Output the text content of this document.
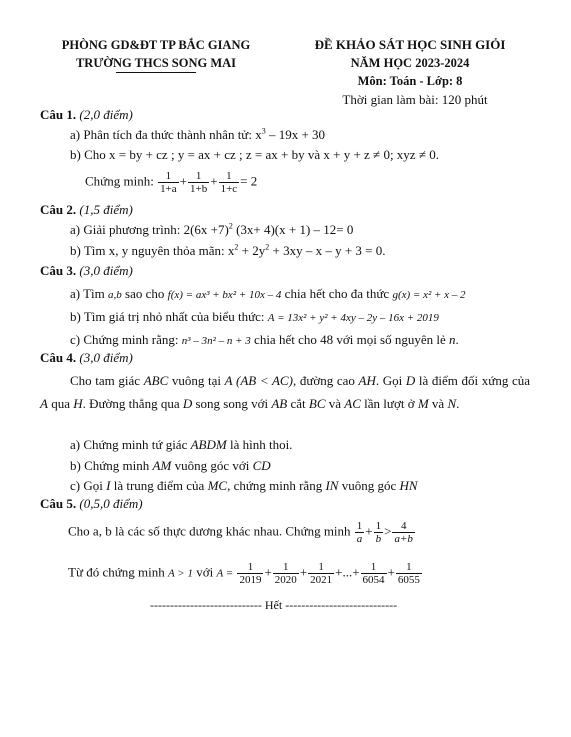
PHÒNG GD&ĐT TP BẮC GIANG
TRƯỜNG THCS SONG MAI
ĐỀ KHẢO SÁT HỌC SINH GIỎI
NĂM HỌC 2023-2024
Môn: Toán - Lớp: 8
Thời gian làm bài: 120 phút
Câu 1. (2,0 điểm)
a) Phân tích đa thức thành nhân tử: $x^3 - 19x + 30$
b) Cho x = by + cz ; y = ax + cz ; z = ax + by và x + y + z ≠ 0; xyz ≠ 0.
Chứng minh: $\frac{1}{1+a} + \frac{1}{1+b} + \frac{1}{1+c} = 2$
Câu 2. (1,5 điểm)
a) Giải phương trình: $2(6x +7)^2$ (3x+ 4)(x + 1) – 12= 0
b) Tìm x, y nguyên thỏa mãn: $x^2 + 2y^2 + 3xy - x - y + 3 = 0$.
Câu 3. (3,0 điểm)
a) Tìm a,b sao cho f(x) = ax³ + bx² + 10x – 4 chia hết cho đa thức g(x) = x² + x – 2
b) Tìm giá trị nhỏ nhất của biểu thức: A = 13x² + y² + 4xy – 2y – 16x + 2019
c) Chứng minh rằng: n³ – 3n² – n + 3 chia hết cho 48 với mọi số nguyên lẻ n.
Câu 4. (3,0 điểm)
Cho tam giác ABC vuông tại A (AB < AC), đường cao AH. Gọi D là điểm đối xứng của A qua H. Đường thẳng qua D song song với AB cắt BC và AC lần lượt ở M và N.
a) Chứng minh tứ giác ABDM là hình thoi.
b) Chứng minh AM vuông góc với CD
c) Gọi I là trung điểm của MC, chứng minh rằng IN vuông góc HN
Câu 5. (0,5,0 điểm)
Cho a, b là các số thực dương khác nhau. Chứng minh $\frac{1}{a} + \frac{1}{b} > \frac{4}{a+b}$
Từ đó chứng minh A > 1 với $A = \frac{1}{2019} + \frac{1}{2020} + \frac{1}{2021}$ +...+ $\frac{1}{6054} + \frac{1}{6055}$
---------------------------- Hết ----------------------------
